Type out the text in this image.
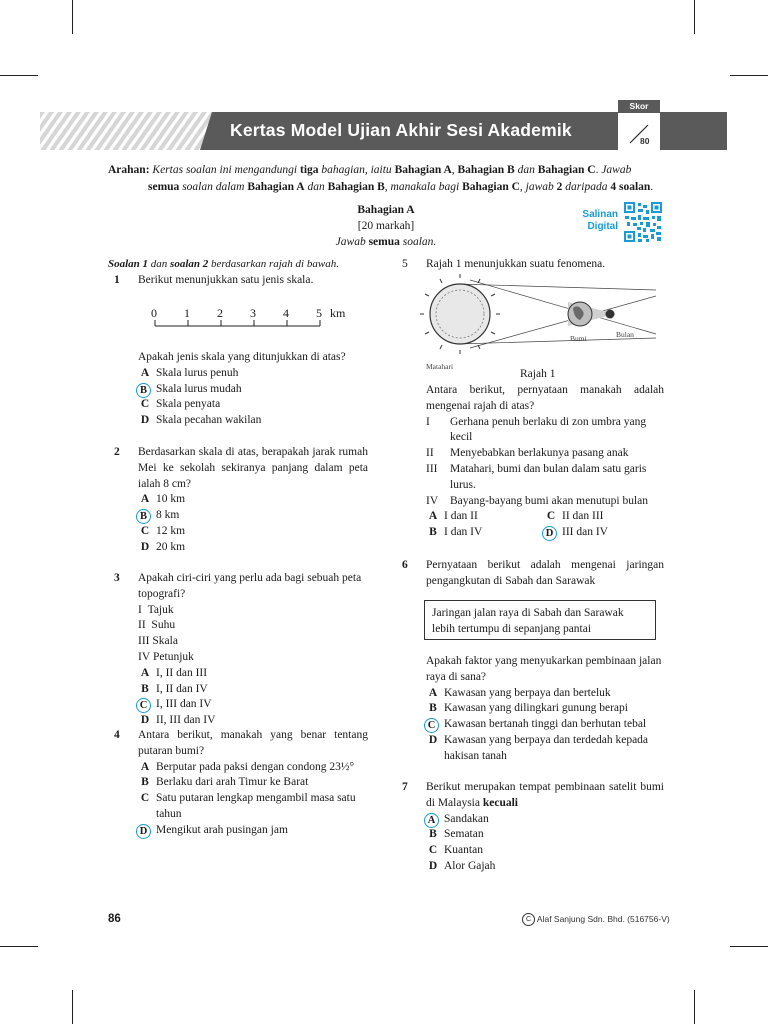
Kertas Model Ujian Akhir Sesi Akademik
Skor
80
Arahan: Kertas soalan ini mengandungi tiga bahagian, iaitu Bahagian A, Bahagian B dan Bahagian C. Jawab semua soalan dalam Bahagian A dan Bahagian B, manakala bagi Bahagian C, jawab 2 daripada 4 soalan.
Bahagian A
[20 markah]
Jawab semua soalan.
Salinan
Digital
Soalan 1 dan soalan 2 berdasarkan rajah di bawah.
1 Berikut menunjukkan satu jenis skala.
0 1 2 3 4 5 km
Apakah jenis skala yang ditunjukkan di atas?
A Skala lurus penuh
B Skala lurus mudah
C Skala penyata
D Skala pecahan wakilan
2 Berdasarkan skala di atas, berapakah jarak rumah Mei ke sekolah sekiranya panjang dalam peta ialah 8 cm?
A 10 km
B 8 km
C 12 km
D 20 km
3 Apakah ciri-ciri yang perlu ada bagi sebuah peta topografi?
I Tajuk
II Suhu
III Skala
IV Petunjuk
A I, II dan III
B I, II dan IV
C I, III dan IV
D II, III dan IV
4 Antara berikut, manakah yang benar tentang putaran bumi?
A Berputar pada paksi dengan condong 23½°
B Berlaku dari arah Timur ke Barat
C Satu putaran lengkap mengambil masa satu tahun
D Mengikut arah pusingan jam
5 Rajah 1 menunjukkan suatu fenomena.
Matahari
Bumi	Bulan
Rajah 1
Antara berikut, pernyataan manakah adalah mengenai rajah di atas?
I Gerhana penuh berlaku di zon umbra yang kecil
II Menyebabkan berlakunya pasang anak
III Matahari, bumi dan bulan dalam satu garis lurus.
IV Bayang-bayang bumi akan menutupi bulan
A I dan II	C II dan III
B I dan IV	D III dan IV
6 Pernyataan berikut adalah mengenai jaringan pengangkutan di Sabah dan Sarawak
Jaringan jalan raya di Sabah dan Sarawak lebih tertumpu di sepanjang pantai
Apakah faktor yang menyukarkan pembinaan jalan raya di sana?
A Kawasan yang berpaya dan berteluk
B Kawasan yang dilingkari gunung berapi
C Kawasan bertanah tinggi dan berhutan tebal
D Kawasan yang berpaya dan terdedah kepada hakisan tanah
7 Berikut merupakan tempat pembinaan satelit bumi di Malaysia kecuali
A Sandakan
B Sematan
C Kuantan
D Alor Gajah
86	C Alaf Sanjung Sdn. Bhd. (516756-V)
